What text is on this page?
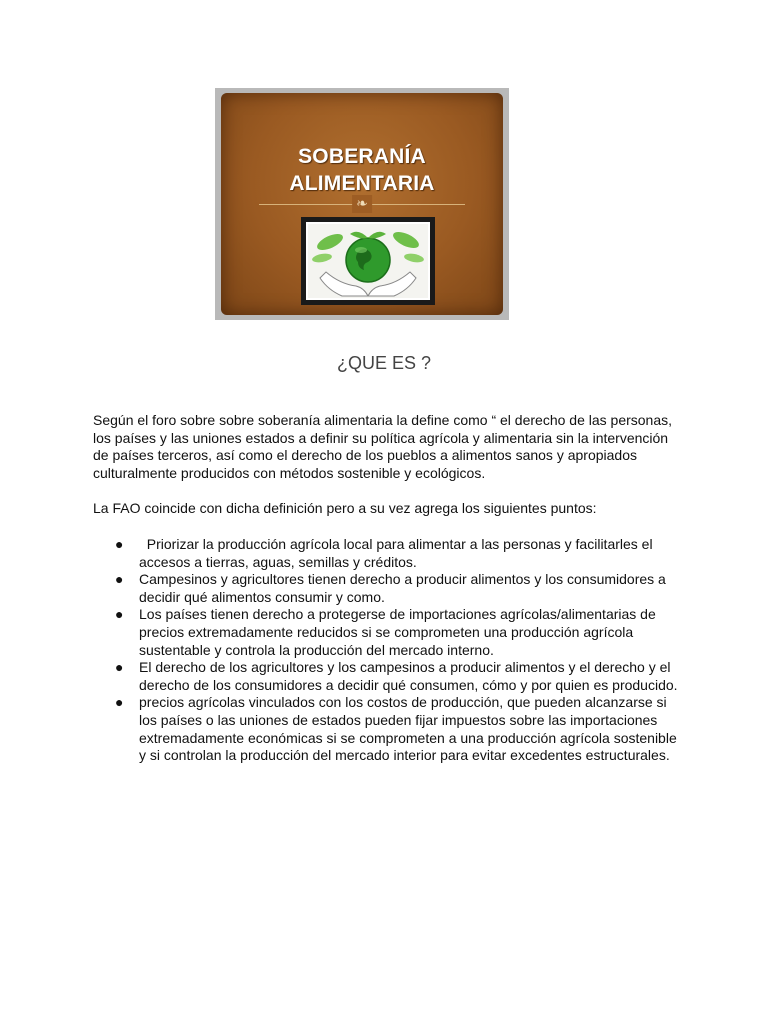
SOBERANÍA
ALIMENTARIA
❧
¿QUE ES ?

Según el foro sobre sobre soberanía alimentaria la define como “ el derecho de las personas, los países y las uniones estados a definir su política agrícola y alimentaria sin la intervención de países terceros, así como el derecho de los pueblos a alimentos sanos y apropiados culturalmente producidos con métodos sostenible y ecológicos.

La FAO coincide con dicha definición pero a su vez agrega los siguientes puntos:

● Priorizar la producción agrícola local para alimentar a las personas y facilitarles el accesos a tierras, aguas, semillas y créditos.
● Campesinos y agricultores tienen derecho a producir alimentos y los consumidores a decidir qué alimentos consumir y como.
● Los países tienen derecho a protegerse de importaciones agrícolas/alimentarias de precios extremadamente reducidos si se comprometen una producción agrícola sustentable y controla la producción del mercado interno.
● El derecho de los agricultores y los campesinos a producir alimentos y el derecho y el derecho de los consumidores a decidir qué consumen, cómo y por quien es producido.
● precios agrícolas vinculados con los costos de producción, que pueden alcanzarse si los países o las uniones de estados pueden fijar impuestos sobre las importaciones extremadamente económicas si se comprometen a una producción agrícola sostenible y si controlan la producción del mercado interior para evitar excedentes estructurales.
